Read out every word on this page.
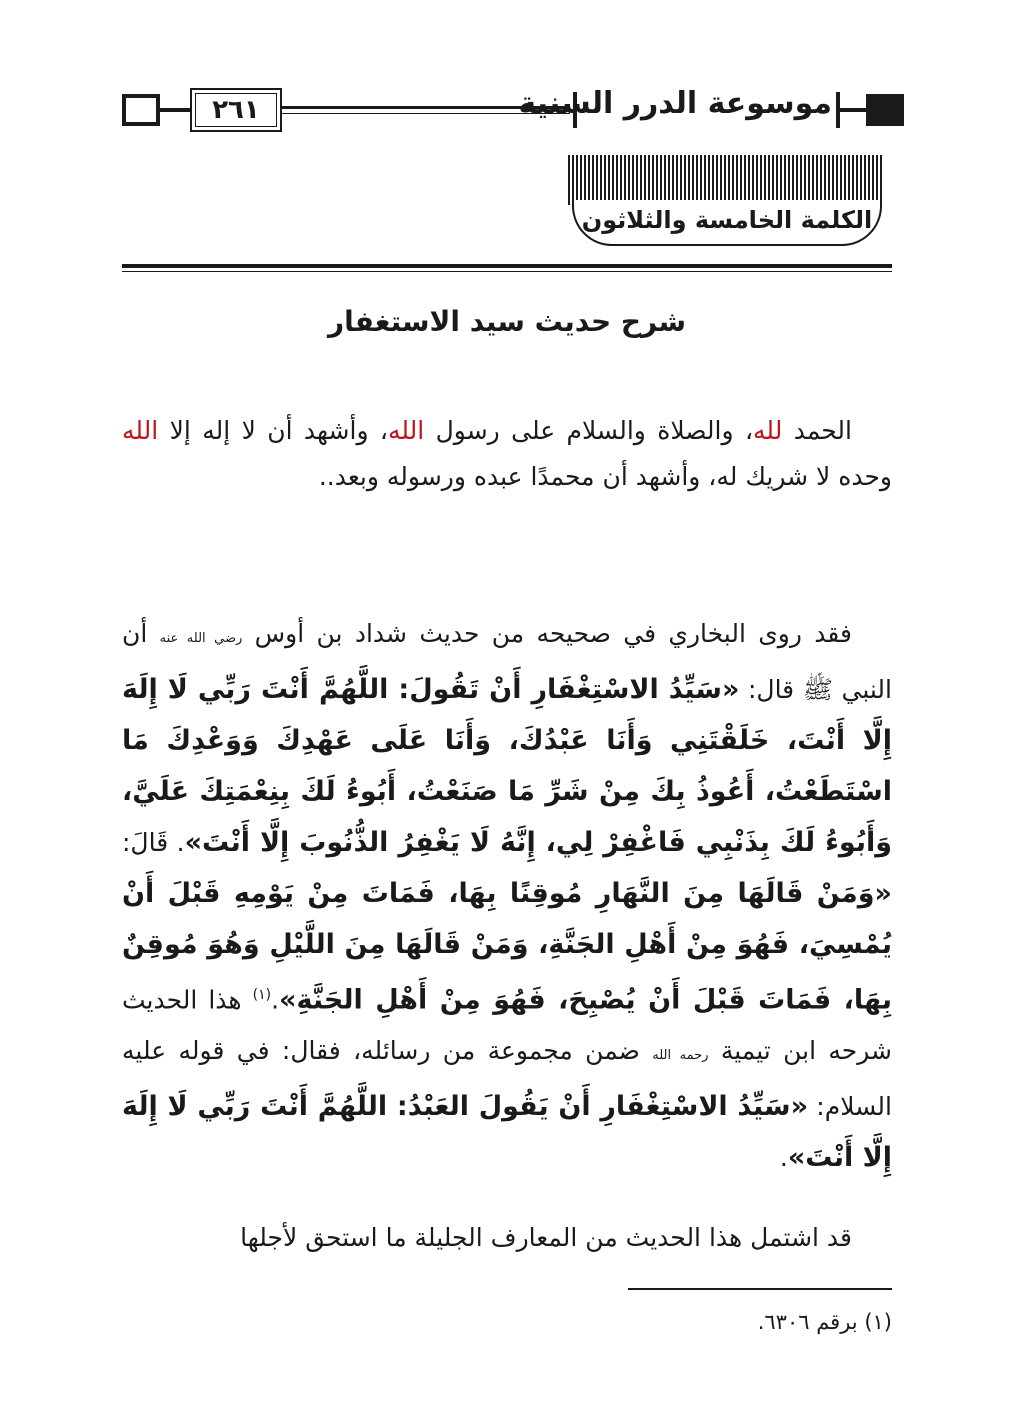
٢٦١	موسوعة الدرر السنية
الكلمة الخامسة والثلاثون
شرح حديث سيد الاستغفار
الحمد لله، والصلاة والسلام على رسول الله، وأشهد أن لا إله إلا الله وحده لا شريك له، وأشهد أن محمدًا عبده ورسوله وبعد..
فقد روى البخاري في صحيحه من حديث شداد بن أوس رضي الله عنه أن النبي ﷺ قال: «سَيِّدُ الاسْتِغْفَارِ أَنْ تَقُولَ: اللَّهُمَّ أَنْتَ رَبِّي لَا إِلَهَ إِلَّا أَنْتَ، خَلَقْتَنِي وَأَنَا عَبْدُكَ، وَأَنَا عَلَى عَهْدِكَ وَوَعْدِكَ مَا اسْتَطَعْتُ، أَعُوذُ بِكَ مِنْ شَرِّ مَا صَنَعْتُ، أَبُوءُ لَكَ بِنِعْمَتِكَ عَلَيَّ، وَأَبُوءُ لَكَ بِذَنْبِي فَاغْفِرْ لِي، إِنَّهُ لَا يَغْفِرُ الذُّنُوبَ إِلَّا أَنْتَ». قَالَ: «وَمَنْ قَالَهَا مِنَ النَّهَارِ مُوقِنًا بِهَا، فَمَاتَ مِنْ يَوْمِهِ قَبْلَ أَنْ يُمْسِيَ، فَهُوَ مِنْ أَهْلِ الجَنَّةِ، وَمَنْ قَالَهَا مِنَ اللَّيْلِ وَهُوَ مُوقِنٌ بِهَا، فَمَاتَ قَبْلَ أَنْ يُصْبِحَ، فَهُوَ مِنْ أَهْلِ الجَنَّةِ».$^{(١)}$ هذا الحديث شرحه ابن تيمية رحمه الله ضمن مجموعة من رسائله، فقال: في قوله عليه السلام: «سَيِّدُ الاسْتِغْفَارِ أَنْ يَقُولَ العَبْدُ: اللَّهُمَّ أَنْتَ رَبِّي لَا إِلَهَ إِلَّا أَنْتَ».
قد اشتمل هذا الحديث من المعارف الجليلة ما استحق لأجلها
(١) برقم ٦٣٠٦.
